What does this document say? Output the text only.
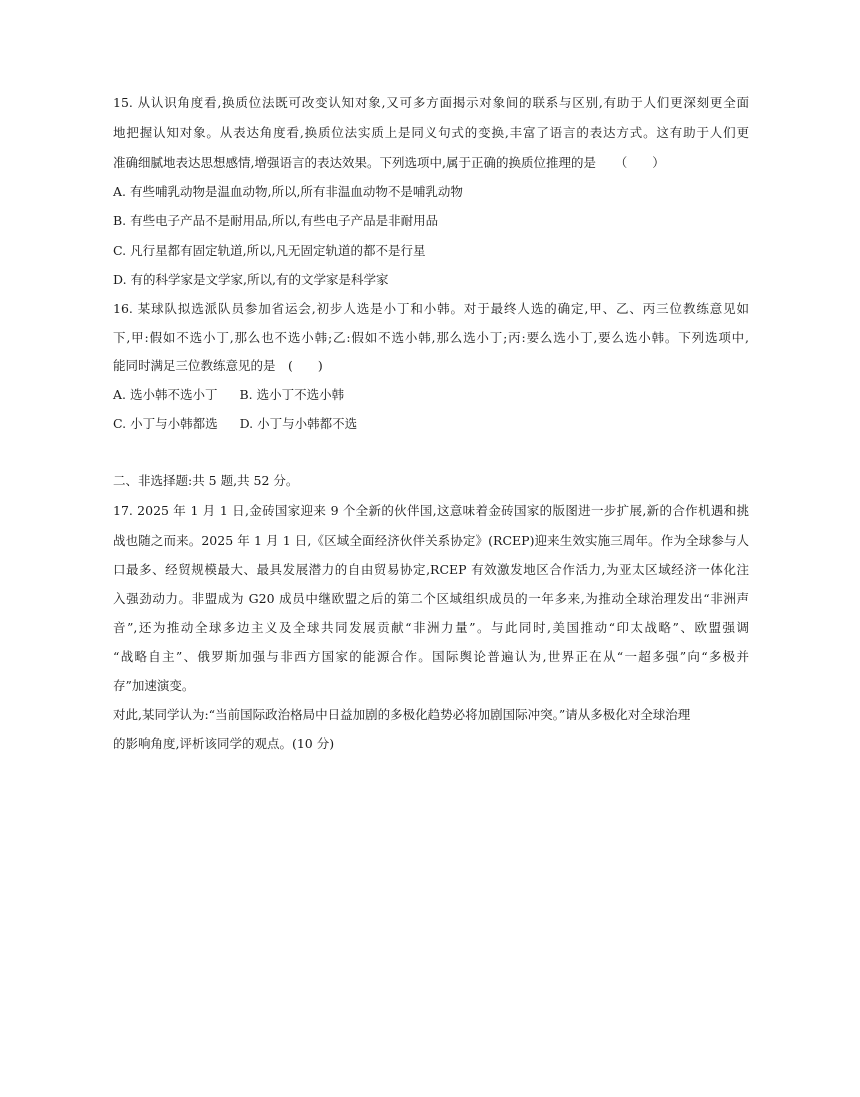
15. 从认识角度看,换质位法既可改变认知对象,又可多方面揭示对象间的联系与区别,有助于人们更深刻更全面
地把握认知对象。从表达角度看,换质位法实质上是同义句式的变换,丰富了语言的表达方式。这有助于人们更
准确细腻地表达思想感情,增强语言的表达效果。下列选项中,属于正确的换质位推理的是　　（　　）
A. 有些哺乳动物是温血动物,所以,所有非温血动物不是哺乳动物
B. 有些电子产品不是耐用品,所以,有些电子产品是非耐用品
C. 凡行星都有固定轨道,所以,凡无固定轨道的都不是行星
D. 有的科学家是文学家,所以,有的文学家是科学家
16. 某球队拟选派队员参加省运会,初步人选是小丁和小韩。对于最终人选的确定,甲、乙、丙三位教练意见如
下,甲:假如不选小丁,那么也不选小韩;乙:假如不选小韩,那么选小丁;丙:要么选小丁,要么选小韩。下列选项中,
能同时满足三位教练意见的是　(　　)
A. 选小韩不选小丁 B. 选小丁不选小韩
C. 小丁与小韩都选 D. 小丁与小韩都不选
二、非选择题:共 5 题,共 52 分。
17. 2025 年 1 月 1 日,金砖国家迎来 9 个全新的伙伴国,这意味着金砖国家的版图进一步扩展,新的合作机遇和挑
战也随之而来。2025 年 1 月 1 日,《区域全面经济伙伴关系协定》(RCEP)迎来生效实施三周年。作为全球参与人
口最多、经贸规模最大、最具发展潜力的自由贸易协定,RCEP 有效激发地区合作活力,为亚太区域经济一体化注
入强劲动力。非盟成为 G20 成员中继欧盟之后的第二个区域组织成员的一年多来,为推动全球治理发出“非洲声
音”,还为推动全球多边主义及全球共同发展贡献“非洲力量”。与此同时,美国推动“印太战略”、欧盟强调
“战略自主”、俄罗斯加强与非西方国家的能源合作。国际舆论普遍认为,世界正在从“一超多强”向“多极并
存”加速演变。
对此,某同学认为:“当前国际政治格局中日益加剧的多极化趋势必将加剧国际冲突。”请从多极化对全球治理
的影响角度,评析该同学的观点。(10 分)
